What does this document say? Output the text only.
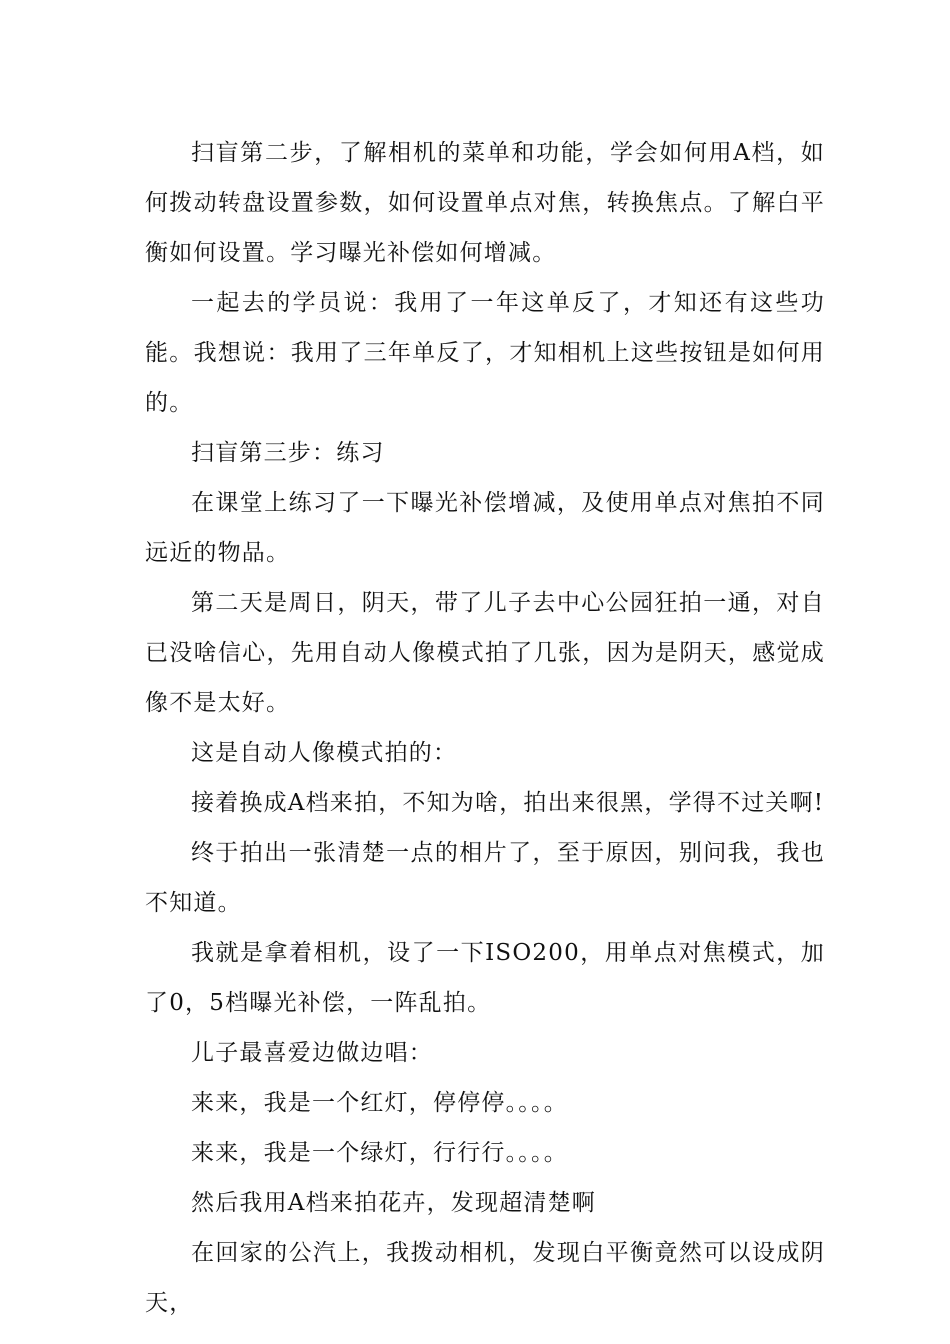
扫盲第二步，了解相机的菜单和功能，学会如何用A档，如何拨动转盘设置参数，如何设置单点对焦，转换焦点。了解白平衡如何设置。学习曝光补偿如何增减。

一起去的学员说：我用了一年这单反了，才知还有这些功能。我想说：我用了三年单反了，才知相机上这些按钮是如何用的。

扫盲第三步：练习

在课堂上练习了一下曝光补偿增减，及使用单点对焦拍不同远近的物品。

第二天是周日，阴天，带了儿子去中心公园狂拍一通，对自已没啥信心，先用自动人像模式拍了几张，因为是阴天，感觉成像不是太好。

这是自动人像模式拍的：

接着换成A档来拍，不知为啥，拍出来很黑，学得不过关啊!

终于拍出一张清楚一点的相片了，至于原因，别问我，我也不知道。

我就是拿着相机，设了一下ISO200，用单点对焦模式，加了0，5档曝光补偿，一阵乱拍。

儿子最喜爱边做边唱：

来来，我是一个红灯，停停停。。。。

来来，我是一个绿灯，行行行。。。。

然后我用A档来拍花卉，发现超清楚啊

在回家的公汽上，我拨动相机，发现白平衡竟然可以设成阴天，
